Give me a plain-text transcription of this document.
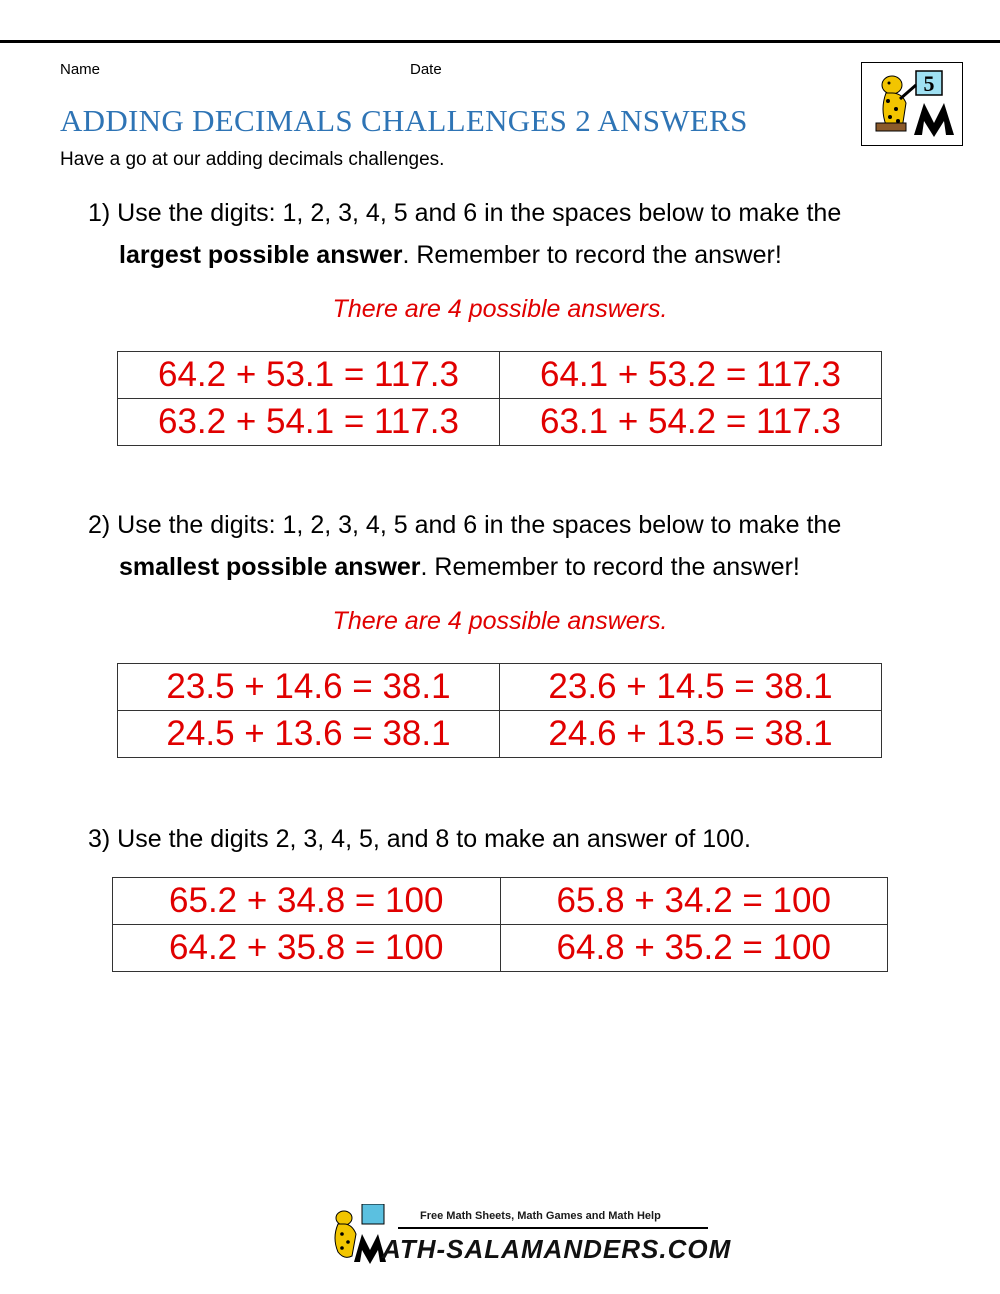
Name	Date
ADDING DECIMALS CHALLENGES 2 ANSWERS
Have a go at our adding decimals challenges.
5
1) Use the digits: 1, 2, 3, 4, 5 and 6 in the spaces below to make the
largest possible answer. Remember to record the answer!
There are 4 possible answers.
64.2 + 53.1 = 117.3	64.1 + 53.2 = 117.3
63.2 + 54.1 = 117.3	63.1 + 54.2 = 117.3
2) Use the digits: 1, 2, 3, 4, 5 and 6 in the spaces below to make the
smallest possible answer. Remember to record the answer!
There are 4 possible answers.
23.5 + 14.6 = 38.1	23.6 + 14.5 = 38.1
24.5 + 13.6 = 38.1	24.6 + 13.5 = 38.1
3) Use the digits 2, 3, 4, 5, and 8 to make an answer of 100.
65.2 + 34.8 = 100	65.8 + 34.2 = 100
64.2 + 35.8 = 100	64.8 + 35.2 = 100
Free Math Sheets, Math Games and Math Help
ATH-SALAMANDERS.COM
